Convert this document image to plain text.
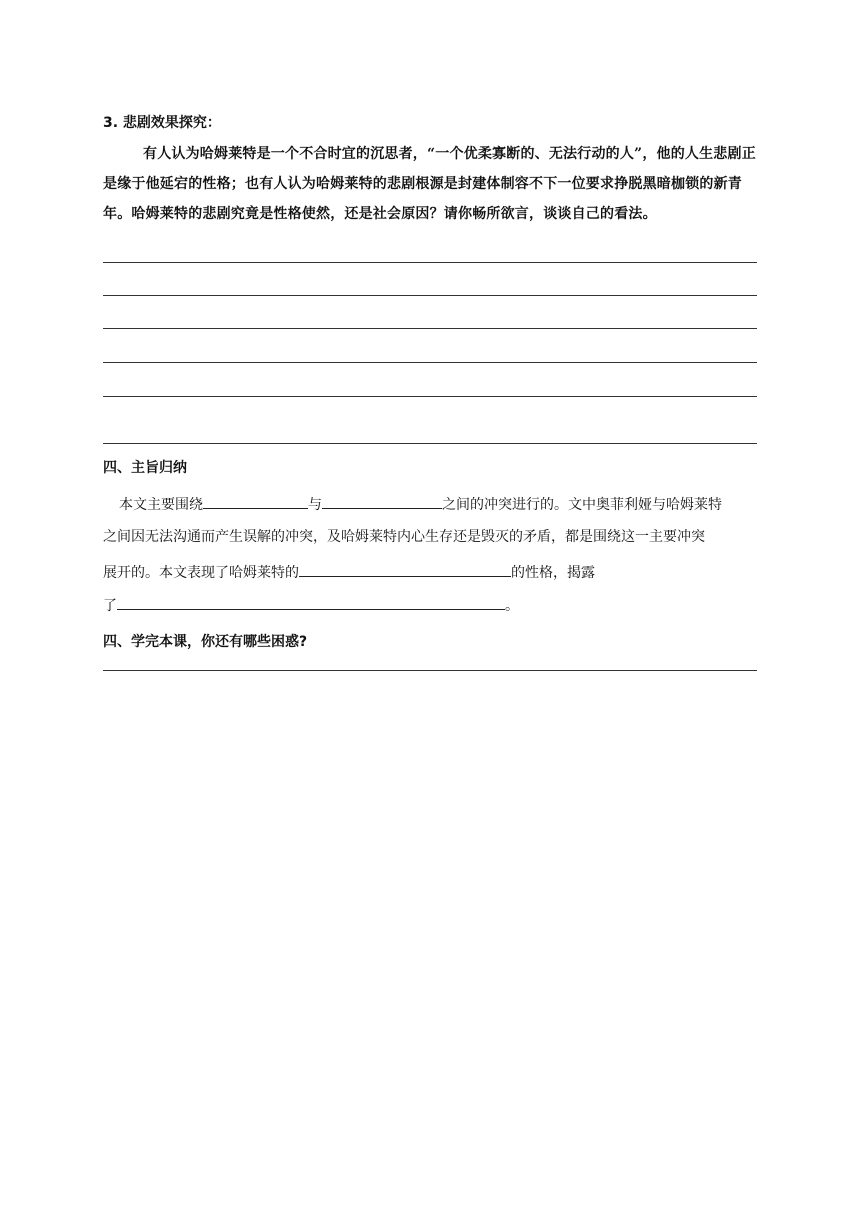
3. 悲剧效果探究：
有人认为哈姆莱特是一个不合时宜的沉思者，“一个优柔寡断的、无法行动的人”，他的人生悲剧正是缘于他延宕的性格；也有人认为哈姆莱特的悲剧根源是封建体制容不下一位要求挣脱黑暗枷锁的新青年。哈姆莱特的悲剧究竟是性格使然，还是社会原因？请你畅所欲言，谈谈自己的看法。
四、主旨归纳
本文主要围绕	与	之间的冲突进行的。文中奥菲利娅与哈姆莱特
之间因无法沟通而产生误解的冲突，及哈姆莱特内心生存还是毁灭的矛盾，都是围绕这一主要冲突
展开的。本文表现了哈姆莱特的	的性格，揭露
了	。
四、学完本课，你还有哪些困惑?
